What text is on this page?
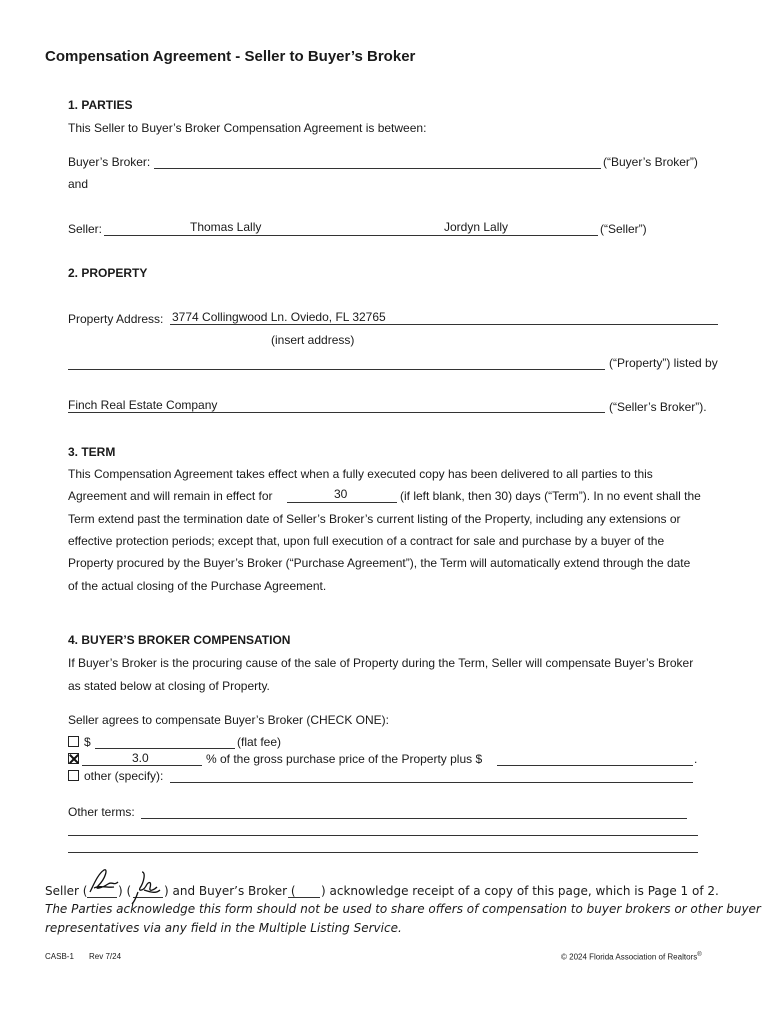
Compensation Agreement - Seller to Buyer’s Broker
1. PARTIES
This Seller to Buyer’s Broker Compensation Agreement is between:
Buyer’s Broker:	(“Buyer’s Broker”)
and
Seller:	Thomas Lally	Jordyn Lally	(“Seller”)
2. PROPERTY
Property Address: 3774 Collingwood Ln. Oviedo, FL 32765
(insert address)
(“Property”) listed by
Finch Real Estate Company	(“Seller’s Broker”).
3. TERM
This Compensation Agreement takes effect when a fully executed copy has been delivered to all parties to this
Agreement and will remain in effect for	30	(if left blank, then 30) days (“Term”). In no event shall the
Term extend past the termination date of Seller’s Broker’s current listing of the Property, including any extensions or
effective protection periods; except that, upon full execution of a contract for sale and purchase by a buyer of the
Property procured by the Buyer’s Broker (“Purchase Agreement”), the Term will automatically extend through the date
of the actual closing of the Purchase Agreement.
4. BUYER’S BROKER COMPENSATION
If Buyer’s Broker is the procuring cause of the sale of Property during the Term, Seller will compensate Buyer’s Broker
as stated below at closing of Property.
Seller agrees to compensate Buyer’s Broker (CHECK ONE):
$	(flat fee)
3.0	% of the gross purchase price of the Property plus $	.
other (specify):
Other terms:
Seller (	) (	) and Buyer’s Broker ( ) acknowledge receipt of a copy of this page, which is Page 1 of 2.
The Parties acknowledge this form should not be used to share offers of compensation to buyer brokers or other buyer
representatives via any field in the Multiple Listing Service.
CASB-1 Rev 7/24	© 2024 Florida Association of Realtors®
